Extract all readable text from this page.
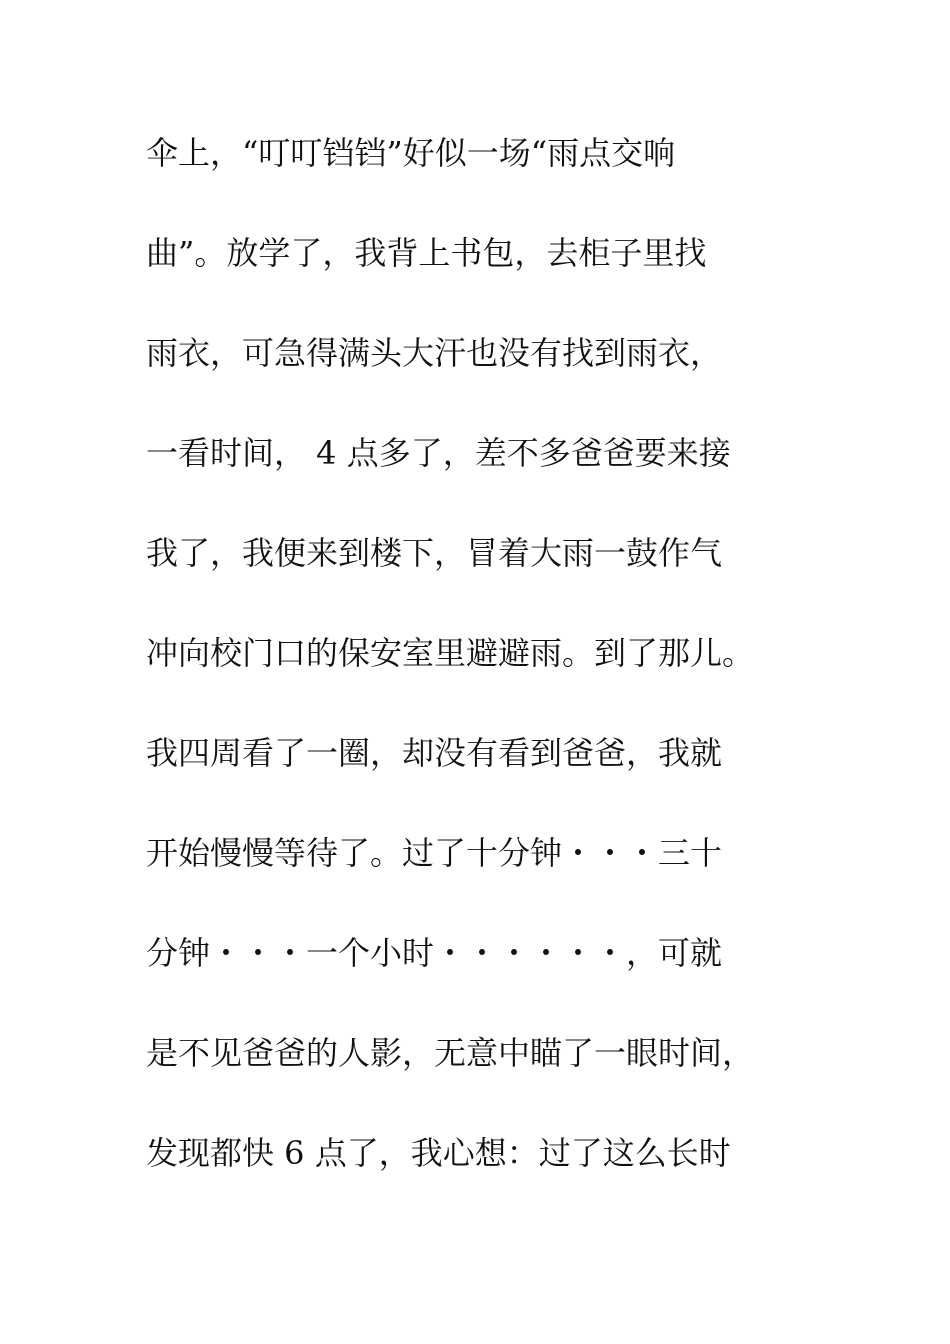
伞上，“叮叮铛铛”好似一场“雨点交响
曲”。放学了，我背上书包，去柜子里找
雨衣，可急得满头大汗也没有找到雨衣，
一看时间， 4 点多了，差不多爸爸要来接
我了，我便来到楼下，冒着大雨一鼓作气
冲向校门口的保安室里避避雨。到了那儿。
我四周看了一圈，却没有看到爸爸，我就
开始慢慢等待了。过了十分钟・・・三十
分钟・・・一个小时・・・・・・，可就
是不见爸爸的人影，无意中瞄了一眼时间，
发现都快 6 点了，我心想：过了这么长时
